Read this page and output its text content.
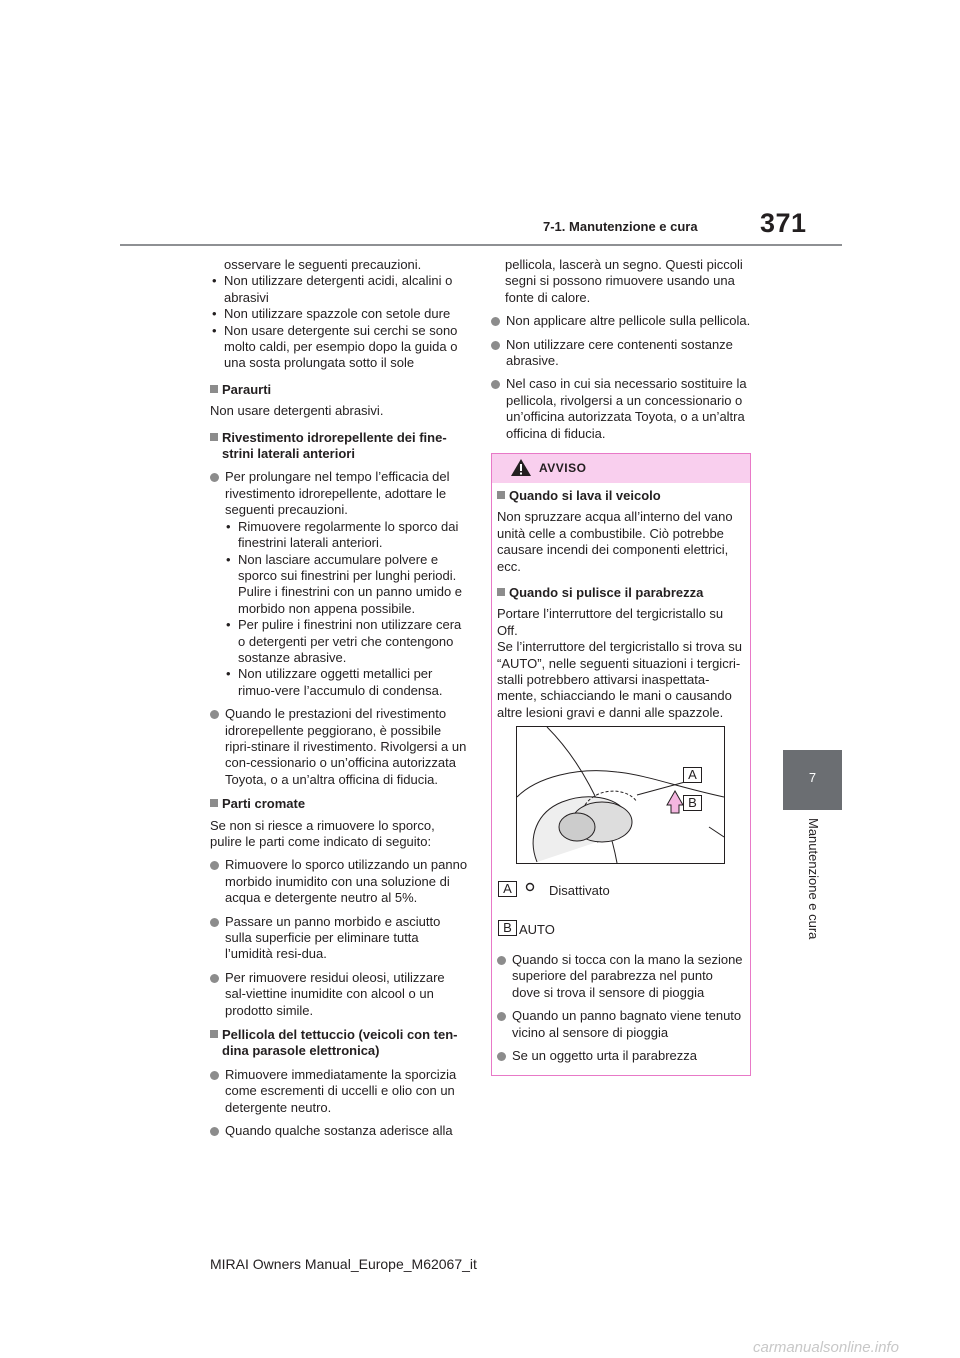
7-1. Manutenzione e cura 371
7
Manutenzione e cura

osservare le seguenti precauzioni.

• Non utilizzare detergenti acidi, alcalini o abrasivi

• Non utilizzare spazzole con setole dure

• Non usare detergente sui cerchi se sono molto caldi, per esempio dopo la guida o una sosta prolungata sotto il sole

Paraurti

Non usare detergenti abrasivi.

Rivestimento idrorepellente dei fine-strini laterali anteriori

Per prolungare nel tempo l’efficacia del rivestimento idrorepellente, adottare le seguenti precauzioni.

• Rimuovere regolarmente lo sporco dai finestrini laterali anteriori.

• Non lasciare accumulare polvere e sporco sui finestrini per lunghi periodi.

Pulire i finestrini con un panno umido e morbido non appena possibile.

• Per pulire i finestrini non utilizzare cera o detergenti per vetri che contengono sostanze abrasive.

• Non utilizzare oggetti metallici per rimuo-vere l’accumulo di condensa.

Quando le prestazioni del rivestimento idrorepellente peggiorano, è possibile ripri-stinare il rivestimento. Rivolgersi a un con-cessionario o un’officina autorizzata Toyota, o a un’altra officina di fiducia.

Parti cromate

Se non si riesce a rimuovere lo sporco, pulire le parti come indicato di seguito:

Rimuovere lo sporco utilizzando un panno morbido inumidito con una soluzione di acqua e detergente neutro al 5%.

Passare un panno morbido e asciutto sulla superficie per eliminare tutta l’umidità resi-dua.

Per rimuovere residui oleosi, utilizzare sal-viettine inumidite con alcool o un prodotto simile.

Pellicola del tettuccio (veicoli con ten-dina parasole elettronica)

Rimuovere immediatamente la sporcizia come escrementi di uccelli e olio con un detergente neutro.

Quando qualche sostanza aderisce alla

pellicola, lascerà un segno. Questi piccoli segni si possono rimuovere usando una fonte di calore.

Non applicare altre pellicole sulla pellicola.

Non utilizzare cere contenenti sostanze abrasive.

Nel caso in cui sia necessario sostituire la pellicola, rivolgersi a un concessionario o un’officina autorizzata Toyota, o a un’altra officina di fiducia.

AVVISO

Quando si lava il veicolo

Non spruzzare acqua all’interno del vano unità celle a combustibile. Ciò potrebbe causare incendi dei componenti elettrici, ecc.

Quando si pulisce il parabrezza

Portare l’interruttore del tergicristallo su Off.

Se l’interruttore del tergicristallo si trova su “AUTO”, nelle seguenti situazioni i tergicri-stalli potrebbero attivarsi inaspettata-mente, schiacciando le mani o causando altre lesioni gravi e danni alle spazzole.

A
B
A	Disattivato
B AUTO

Quando si tocca con la mano la sezione superiore del parabrezza nel punto dove si trova il sensore di pioggia

Quando un panno bagnato viene tenuto vicino al sensore di pioggia

Se un oggetto urta il parabrezza

MIRAI Owners Manual_Europe_M62067_it
carmanualsonline.info
